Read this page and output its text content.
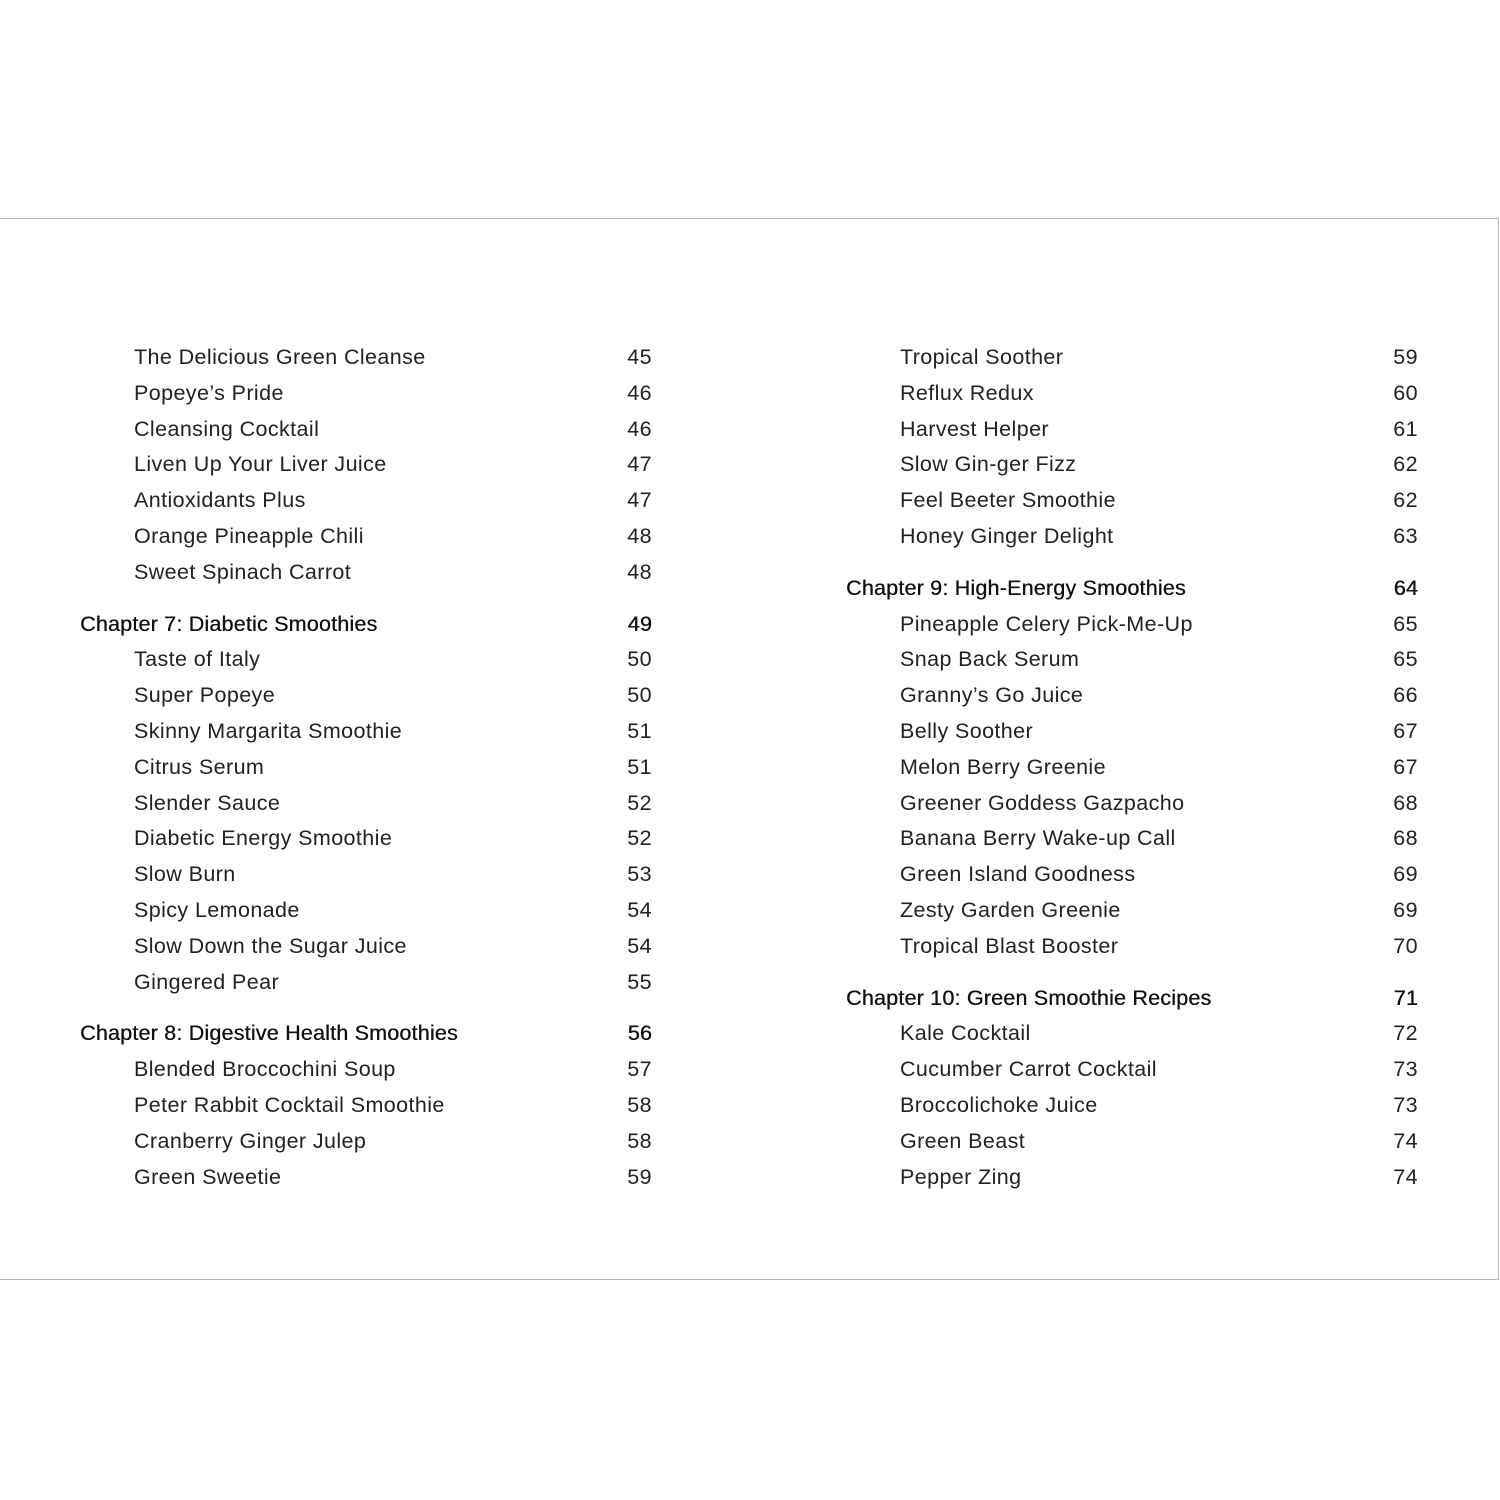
The Delicious Green Cleanse	45
Popeye’s Pride	46
Cleansing Cocktail	46
Liven Up Your Liver Juice	47
Antioxidants Plus	47
Orange Pineapple Chili	48
Sweet Spinach Carrot	48
Chapter 7: Diabetic Smoothies	49
Taste of Italy	50
Super Popeye	50
Skinny Margarita Smoothie	51
Citrus Serum	51
Slender Sauce	52
Diabetic Energy Smoothie	52
Slow Burn	53
Spicy Lemonade	54
Slow Down the Sugar Juice	54
Gingered Pear	55
Chapter 8: Digestive Health Smoothies	56
Blended Broccochini Soup	57
Peter Rabbit Cocktail Smoothie	58
Cranberry Ginger Julep	58
Green Sweetie	59
Tropical Soother	59
Reflux Redux	60
Harvest Helper	61
Slow Gin-ger Fizz	62
Feel Beeter Smoothie	62
Honey Ginger Delight	63
Chapter 9: High-Energy Smoothies	64
Pineapple Celery Pick-Me-Up	65
Snap Back Serum	65
Granny’s Go Juice	66
Belly Soother	67
Melon Berry Greenie	67
Greener Goddess Gazpacho	68
Banana Berry Wake-up Call	68
Green Island Goodness	69
Zesty Garden Greenie	69
Tropical Blast Booster	70
Chapter 10: Green Smoothie Recipes	71
Kale Cocktail	72
Cucumber Carrot Cocktail	73
Broccolichoke Juice	73
Green Beast	74
Pepper Zing	74
